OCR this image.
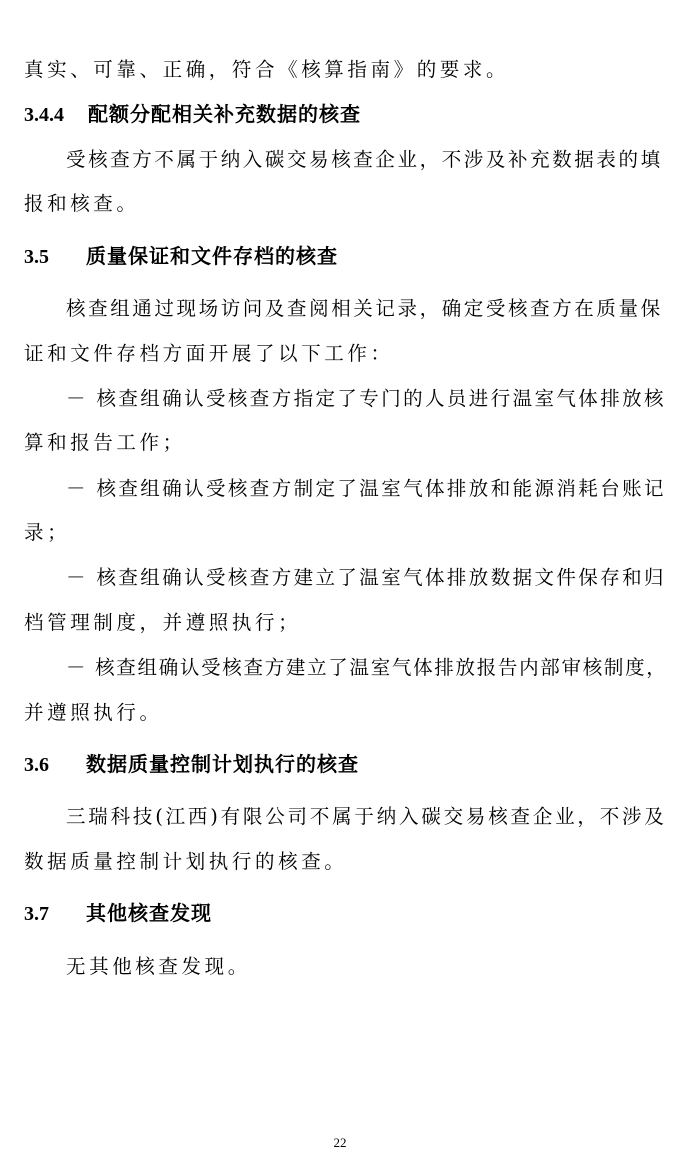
真实、可靠、正确，符合《核算指南》的要求。
3.4.4 配额分配相关补充数据的核查
受核查方不属于纳入碳交易核查企业，不涉及补充数据表的填
报和核查。
3.5 质量保证和文件存档的核查
核查组通过现场访问及查阅相关记录，确定受核查方在质量保
证和文件存档方面开展了以下工作：
－ 核查组确认受核查方指定了专门的人员进行温室气体排放核
算和报告工作；
－ 核查组确认受核查方制定了温室气体排放和能源消耗台账记
录；
－ 核查组确认受核查方建立了温室气体排放数据文件保存和归
档管理制度，并遵照执行；
－ 核查组确认受核查方建立了温室气体排放报告内部审核制度，
并遵照执行。
3.6 数据质量控制计划执行的核查
三瑞科技(江西)有限公司不属于纳入碳交易核查企业，不涉及
数据质量控制计划执行的核查。
3.7 其他核查发现
无其他核查发现。
22
